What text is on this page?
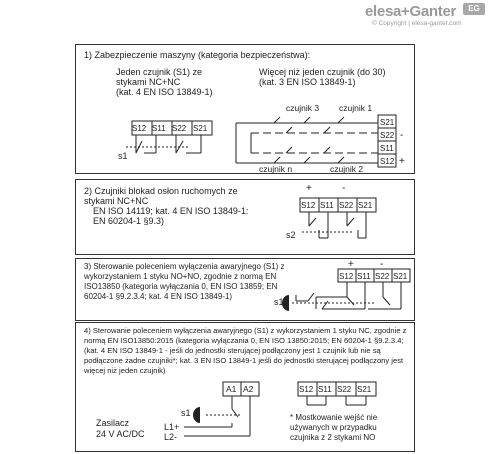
elesa+Ganter	EG
© Copyright | elesa-ganter.com
1) Zabezpieczenie maszyny (kategoria bezpieczeństwa):
Jeden czujnik (S1) ze
stykami NC+NC
(kat. 4 EN ISO 13849-1)
Więcej niż jeden czujnik (do 30)
(kat. 3 EN ISO 13849-1)
S12 S11 S22 S21
s1
czujnik 3 czujnik 1
czujnik n	czujnik 2
S21
S22
S11
S12
-
+
2) Czujniki blokad osłon ruchomych ze
stykami NC+NC
EN ISO 14119; kat. 4 EN ISO 13849-1:
EN 60204-1 §9.3)
+	-
S12 S11 S22 S21
s2
3) Sterowanie poleceniem wyłączenia awaryjnego (S1) z
wykorzystaniem 1 styku NO+NO, zgodnie z normą EN
ISO13850 (kategoria wyłączania 0, EN ISO 13859; EN
60204-1 §9.2.3.4; kat. 4 EN ISO 13849-1)
+	-
S12 S11 S22 S21
s1
4) Sterowanie poleceniem wyłączenia awaryjnego (S1) z wykorzystaniem 1 styku NC, zgodnie z
normą EN ISO13850:2015 (kategoria wyłączania 0, EN ISO 13850:2015; EN 60204-1 §9.2.3.4;
(kat. 4 EN ISO 13849-1 - jeśli do jednostki sterującej podłączony jest 1 czujnik lub nie są
podłączone żadne czujniki*; kat. 3 EN ISO 13849-1 jeśli do jednostki sterującej podłączony jest
więcej niż jeden czujnik)
Zasilacz
24 V AC/DC
* Mostkowanie wejść nie
używanych w przypadku
czujnika z 2 stykami NO
A1 A2	S12 S11 S22 S21
s1
L1+
L2-
